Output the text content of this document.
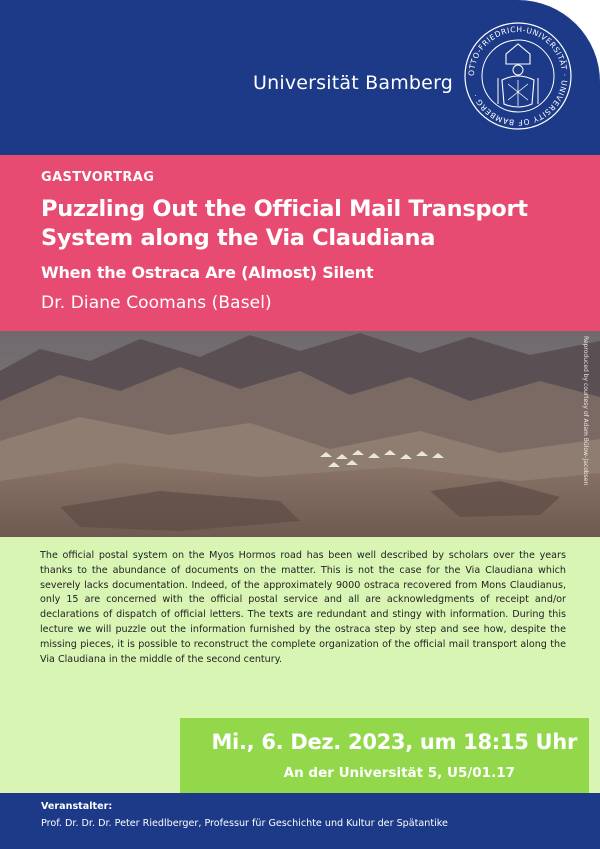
Universität Bamberg OTTO-FRIEDRICH-UNIVERSITÄT · UNIVERSITY OF BAMBERG ·
GASTVORTRAG
Puzzling Out the Official Mail Transport System along the Via Claudiana
When the Ostraca Are (Almost) Silent
Dr. Diane Coomans (Basel)
Reproduced by courtesy of Adam Bülow-Jacobsen

The official postal system on the Myos Hormos road has been well described by scholars over the years thanks to the abundance of documents on the matter. This is not the case for the Via Claudiana which severely lacks documentation. Indeed, of the approximately 9000 ostraca recovered from Mons Claudianus, only 15 are concerned with the official postal service and all are acknowledgments of receipt and/or declarations of dispatch of official letters. The texts are redundant and stingy with information. During this lecture we will puzzle out the information furnished by the ostraca step by step and see how, despite the missing pieces, it is possible to reconstruct the complete organization of the official mail transport along the Via Claudiana in the middle of the second century.

Mi., 6. Dez. 2023, um 18:15 Uhr
An der Universität 5, U5/01.17
Veranstalter:
Prof. Dr. Dr. Dr. Peter Riedlberger, Professur für Geschichte und Kultur der Spätantike
